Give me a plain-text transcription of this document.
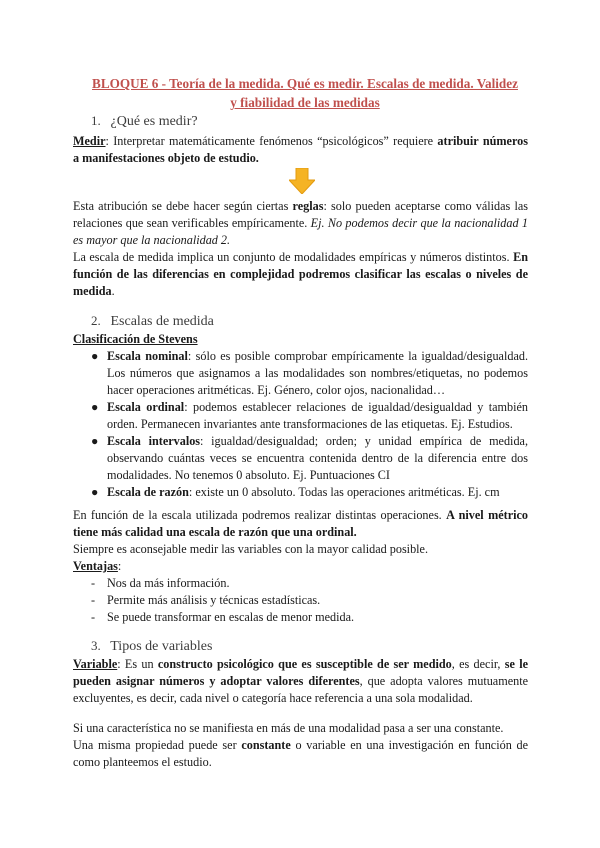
BLOQUE 6 - Teoría de la medida. Qué es medir. Escalas de medida. Validez
y fiabilidad de las medidas
1. ¿Qué es medir?
Medir: Interpretar matemáticamente fenómenos “psicológicos” requiere atribuir números a manifestaciones objeto de estudio.
Esta atribución se debe hacer según ciertas reglas: solo pueden aceptarse como válidas las relaciones que sean verificables empíricamente. Ej. No podemos decir que la nacionalidad 1 es mayor que la nacionalidad 2.
La escala de medida implica un conjunto de modalidades empíricas y números distintos. En función de las diferencias en complejidad podremos clasificar las escalas o niveles de medida.
2. Escalas de medida
Clasificación de Stevens
● Escala nominal: sólo es posible comprobar empíricamente la igualdad/desigualdad. Los números que asignamos a las modalidades son nombres/etiquetas, no podemos hacer operaciones aritméticas. Ej. Género, color ojos, nacionalidad…
● Escala ordinal: podemos establecer relaciones de igualdad/desigualdad y también orden. Permanecen invariantes ante transformaciones de las etiquetas. Ej. Estudios.
● Escala intervalos: igualdad/desigualdad; orden; y unidad empírica de medida, observando cuántas veces se encuentra contenida dentro de la diferencia entre dos modalidades. No tenemos 0 absoluto. Ej. Puntuaciones CI
● Escala de razón: existe un 0 absoluto. Todas las operaciones aritméticas. Ej. cm
En función de la escala utilizada podremos realizar distintas operaciones. A nivel métrico tiene más calidad una escala de razón que una ordinal.
Siempre es aconsejable medir las variables con la mayor calidad posible.
Ventajas:
- Nos da más información.
- Permite más análisis y técnicas estadísticas.
- Se puede transformar en escalas de menor medida.
3. Tipos de variables
Variable: Es un constructo psicológico que es susceptible de ser medido, es decir, se le pueden asignar números y adoptar valores diferentes, que adopta valores mutuamente excluyentes, es decir, cada nivel o categoría hace referencia a una sola modalidad.
Si una característica no se manifiesta en más de una modalidad pasa a ser una constante.
Una misma propiedad puede ser constante o variable en una investigación en función de como planteemos el estudio.
